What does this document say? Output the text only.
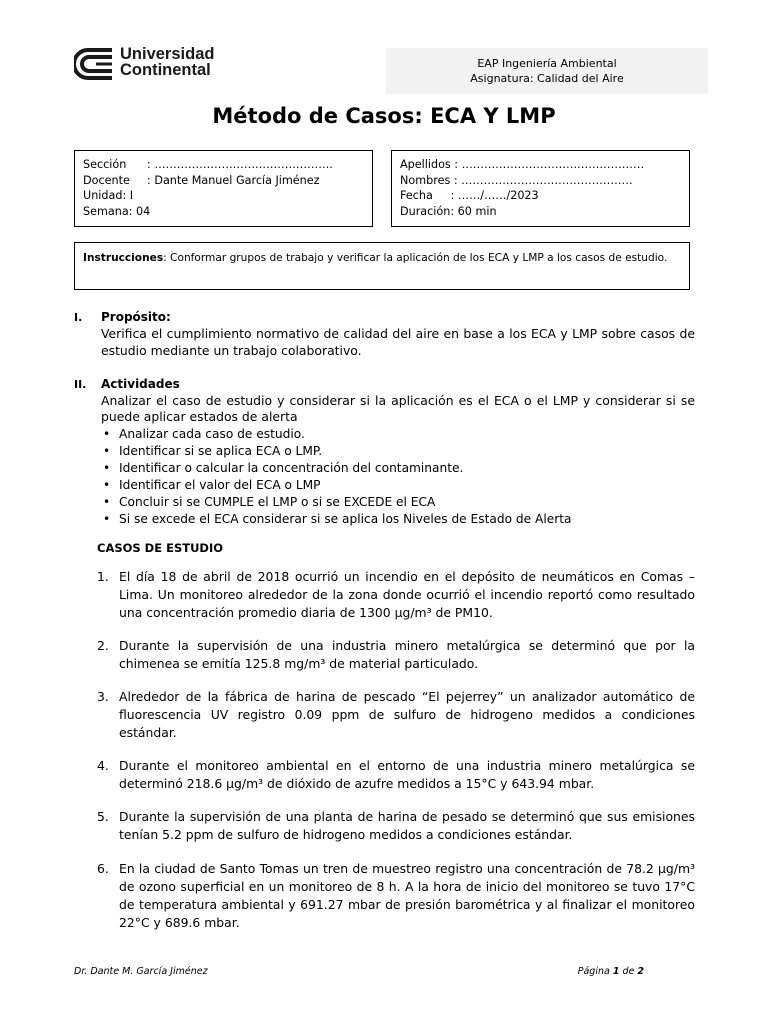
Universidad
Continental	EAP Ingeniería Ambiental
Asignatura: Calidad del Aire
Método de Casos: ECA Y LMP
Sección : ……………………….………………..
Docente : Dante Manuel García Jiménez
Unidad: I
Semana: 04
Apellidos : ………………………….………………
Nombres : ……………………………………….
Fecha     : ……/……/2023
Duración: 60 min
Instrucciones: Conformar grupos de trabajo y verificar la aplicación de los ECA y LMP a los casos de estudio.
I. Propósito:
Verifica el cumplimiento normativo de calidad del aire en base a los ECA y LMP sobre casos de estudio mediante un trabajo colaborativo.
II. Actividades
Analizar el caso de estudio y considerar si la aplicación es el ECA o el LMP y considerar si se puede aplicar estados de alerta
• Analizar cada caso de estudio.
• Identificar si se aplica ECA o LMP.
• Identificar o calcular la concentración del contaminante.
• Identificar el valor del ECA o LMP
• Concluir si se CUMPLE el LMP o si se EXCEDE el ECA
• Si se excede el ECA considerar si se aplica los Niveles de Estado de Alerta
CASOS DE ESTUDIO
1. El día 18 de abril de 2018 ocurrió un incendio en el depósito de neumáticos en Comas – Lima. Un monitoreo alrededor de la zona donde ocurrió el incendio reportó como resultado una concentración promedio diaria de 1300 µg/m³ de PM10.
2. Durante la supervisión de una industria minero metalúrgica se determinó que por la chimenea se emitía 125.8 mg/m³ de material particulado.
3. Alrededor de la fábrica de harina de pescado “El pejerrey” un analizador automático de fluorescencia UV registro 0.09 ppm de sulfuro de hidrogeno medidos a condiciones estándar.
4. Durante el monitoreo ambiental en el entorno de una industria minero metalúrgica se determinó 218.6 µg/m³ de dióxido de azufre medidos a 15°C y 643.94 mbar.
5. Durante la supervisión de una planta de harina de pesado se determinó que sus emisiones tenían 5.2 ppm de sulfuro de hidrogeno medidos a condiciones estándar.
6. En la ciudad de Santo Tomas un tren de muestreo registro una concentración de 78.2 µg/m³ de ozono superficial en un monitoreo de 8 h. A la hora de inicio del monitoreo se tuvo 17°C de temperatura ambiental y 691.27 mbar de presión barométrica y al finalizar el monitoreo 22°C y 689.6 mbar.
Dr. Dante M. García Jiménez	Página 1 de 2
